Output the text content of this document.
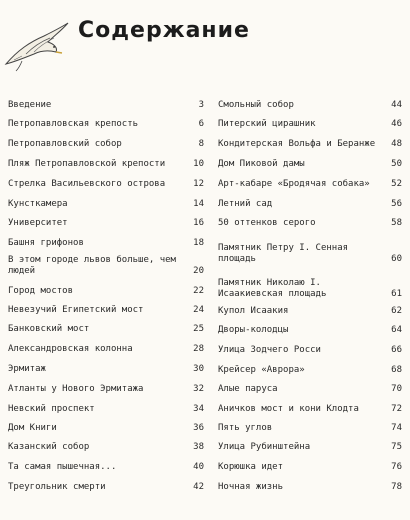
Содержание
Введение	3
Петропавловская крепость	6
Петропавловский собор	8
Пляж Петропавловской крепости	10
Стрелка Васильевского острова	12
Кунсткамера	14
Университет	16
Башня грифонов	18
В этом городе львов больше, чем людей	20
Город мостов	22
Невезучий Египетский мост	24
Банковский мост	25
Александровская колонна	28
Эрмитаж	30
Атланты у Нового Эрмитажа	32
Невский проспект	34
Дом Книги	36
Казанский собор	38
Та самая пышечная...	40
Треугольник смерти	42
Смольный собор	44
Питерский цирашник	46
Кондитерская Вольфа и Беранже	48
Дом Пиковой дамы	50
Арт-кабаре «Бродячая собака»	52
Летний сад	56
50 оттенков серого	58
Памятник Петру I. Сенная площадь	60
Памятник Николаю I. Исаакиевская площадь	61
Купол Исаакия	62
Дворы-колодцы	64
Улица Зодчего Росси	66
Крейсер «Аврора»	68
Алые паруса	70
Аничков мост и кони Клодта	72
Пять углов	74
Улица Рубинштейна	75
Корюшка идет	76
Ночная жизнь	78
